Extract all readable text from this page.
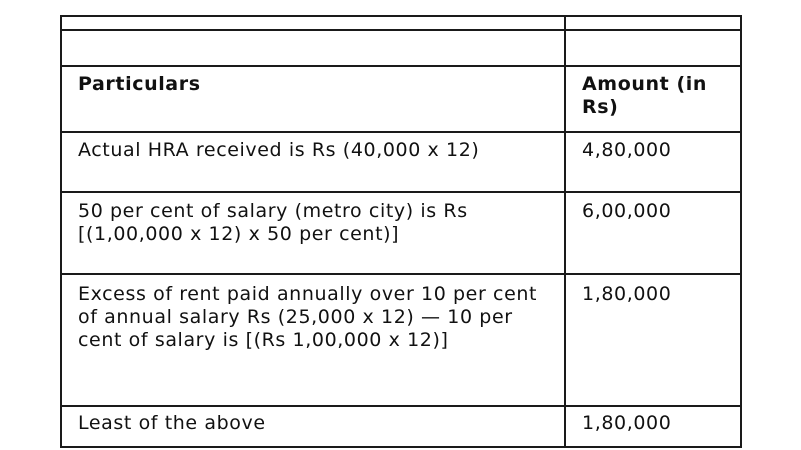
Particulars	Amount (in Rs)
Actual HRA received is Rs (40,000 x 12)	4,80,000
50 per cent of salary (metro city) is Rs [(1,00,000 x 12) x 50 per cent)]	6,00,000
Excess of rent paid annually over 10 per cent of annual salary Rs (25,000 x 12) — 10 per cent of salary is [(Rs 1,00,000 x 12)]	1,80,000
Least of the above	1,80,000
